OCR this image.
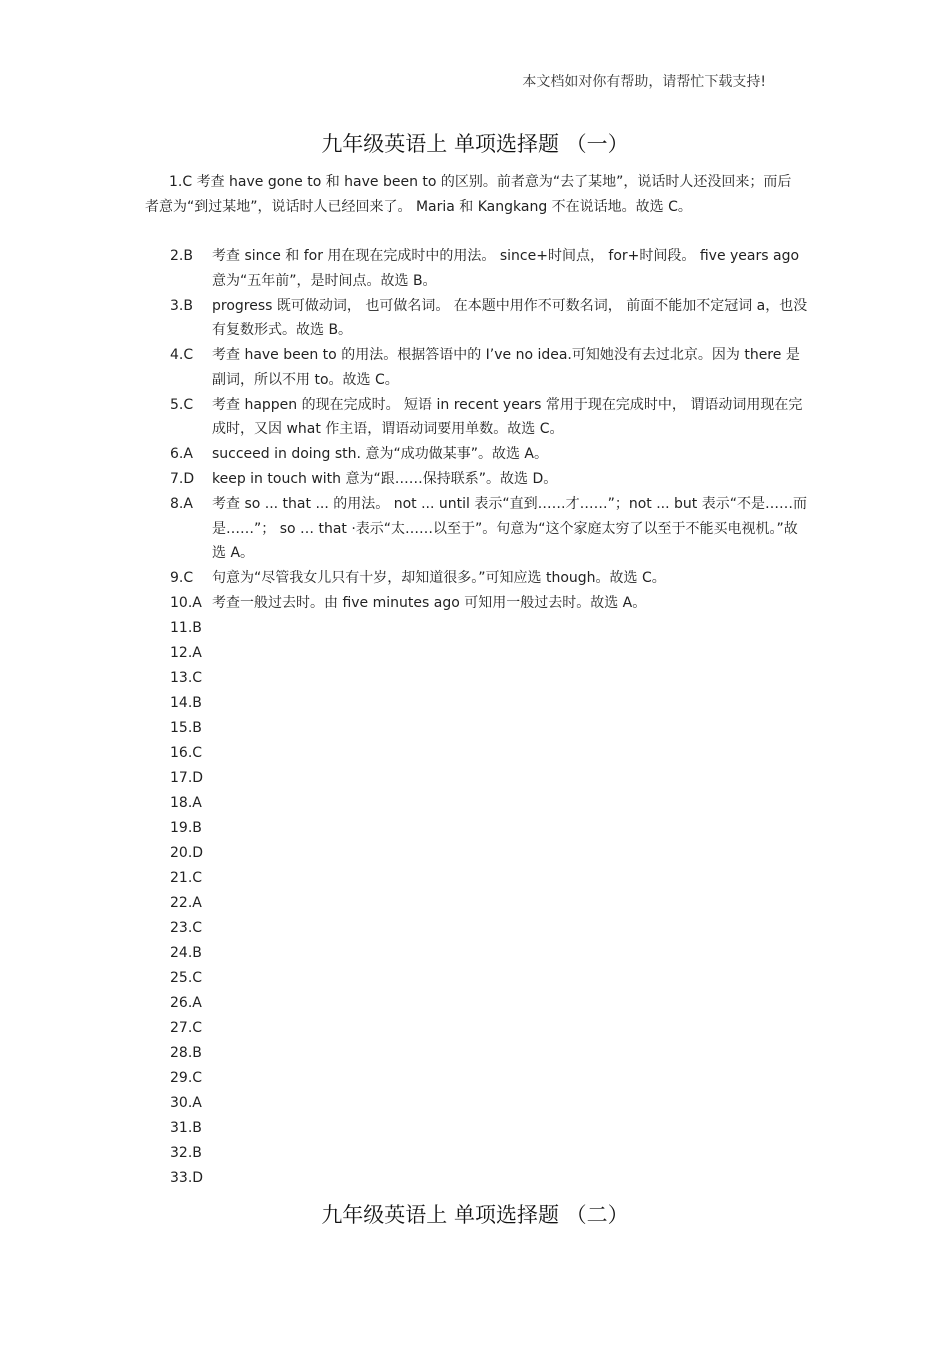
本文档如对你有帮助，请帮忙下载支持!
九年级英语上 单项选择题 （一）
1.C 考查 have gone to 和 have been to 的区别。前者意为“去了某地”，说话时人还没回来；而后者意为“到过某地”，说话时人已经回来了。 Maria 和 Kangkang 不在说话地。故选 C。
2.B	考查 since 和 for 用在现在完成时中的用法。 since+时间点， for+时间段。 five years ago 意为“五年前”，是时间点。故选 B。
3.B	progress 既可做动词， 也可做名词。 在本题中用作不可数名词， 前面不能加不定冠词 a，也没有复数形式。故选 B。
4.C	考查 have been to 的用法。根据答语中的 I’ve no idea.可知她没有去过北京。因为 there 是副词，所以不用 to。故选 C。
5.C	考查 happen 的现在完成时。 短语 in recent years 常用于现在完成时中， 谓语动词用现在完成时，又因 what 作主语，谓语动词要用单数。故选 C。
6.A	succeed in doing sth. 意为“成功做某事”。故选 A。
7.D	keep in touch with 意为“跟……保持联系”。故选 D。
8.A	考查 so ... that ... 的用法。 not ... until 表示“直到……才……”；not ... but 表示“不是……而是……”； so … that ·表示“太……以至于”。句意为“这个家庭太穷了以至于不能买电视机。”故选 A。
9.C	句意为“尽管我女儿只有十岁，却知道很多。”可知应选 though。故选 C。
10.A 考查一般过去时。由 five minutes ago 可知用一般过去时。故选 A。
11.B
12.A
13.C
14.B
15.B
16.C
17.D
18.A
19.B
20.D
21.C
22.A
23.C
24.B
25.C
26.A
27.C
28.B
29.C
30.A
31.B
32.B
33.D
九年级英语上 单项选择题 （二）
